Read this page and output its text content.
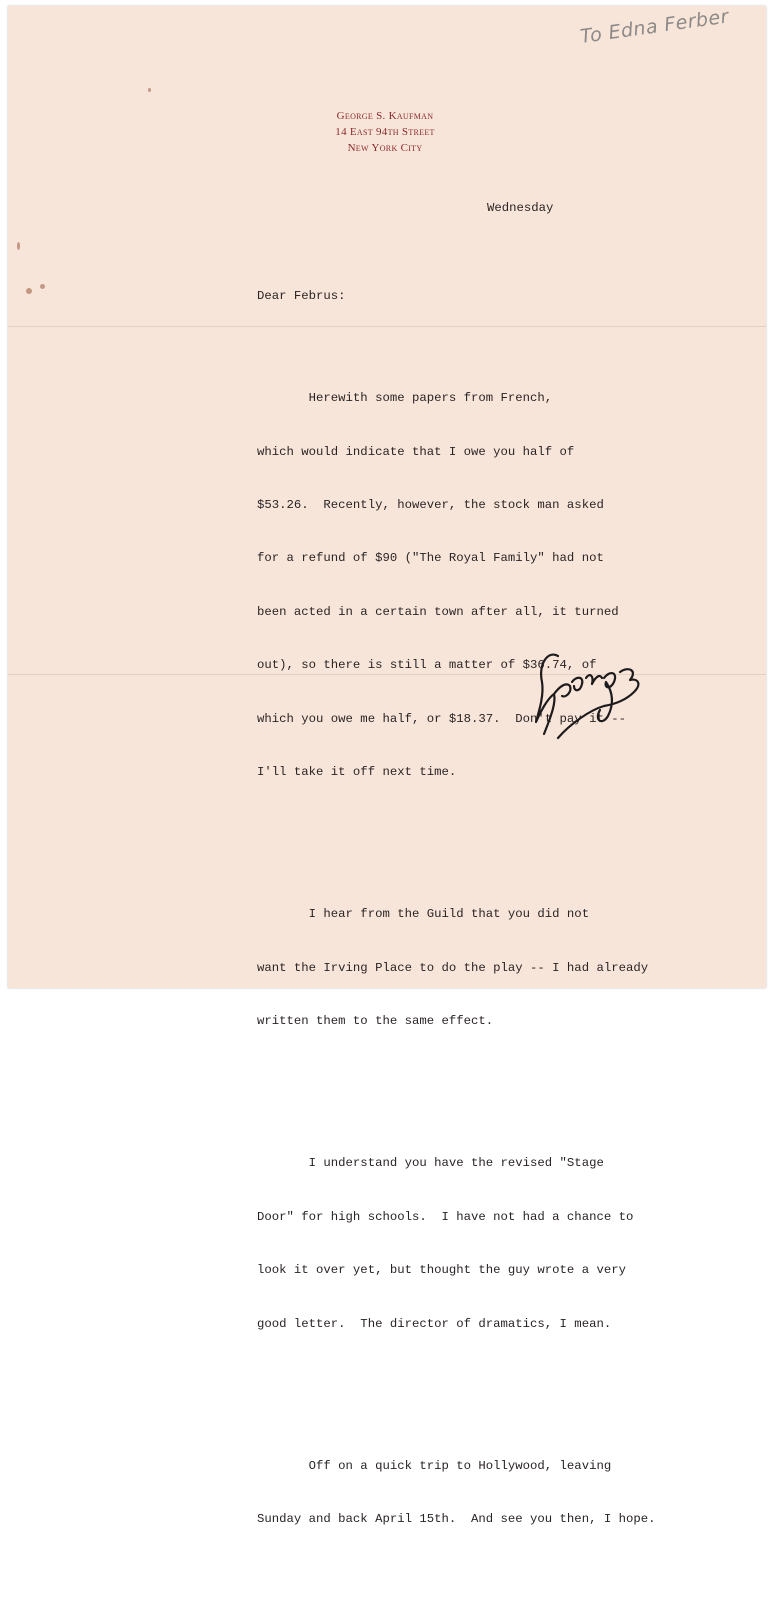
To Edna Ferber
George S. Kaufman
14 East 94th Street
New York City
Wednesday
Dear Februs:

Herewith some papers from French,

which would indicate that I owe you half of

$53.26.  Recently, however, the stock man asked

for a refund of $90 ("The Royal Family" had not

been acted in a certain town after all, it turned

out), so there is still a matter of $36.74, of

which you owe me half, or $18.37.  Don't pay it --

I'll take it off next time.

I hear from the Guild that you did not

want the Irving Place to do the play -- I had already

written them to the same effect.

I understand you have the revised "Stage

Door" for high schools.  I have not had a chance to

look it over yet, but thought the guy wrote a very

good letter.  The director of dramatics, I mean.

Off on a quick trip to Hollywood, leaving

Sunday and back April 15th.  And see you then, I hope.
